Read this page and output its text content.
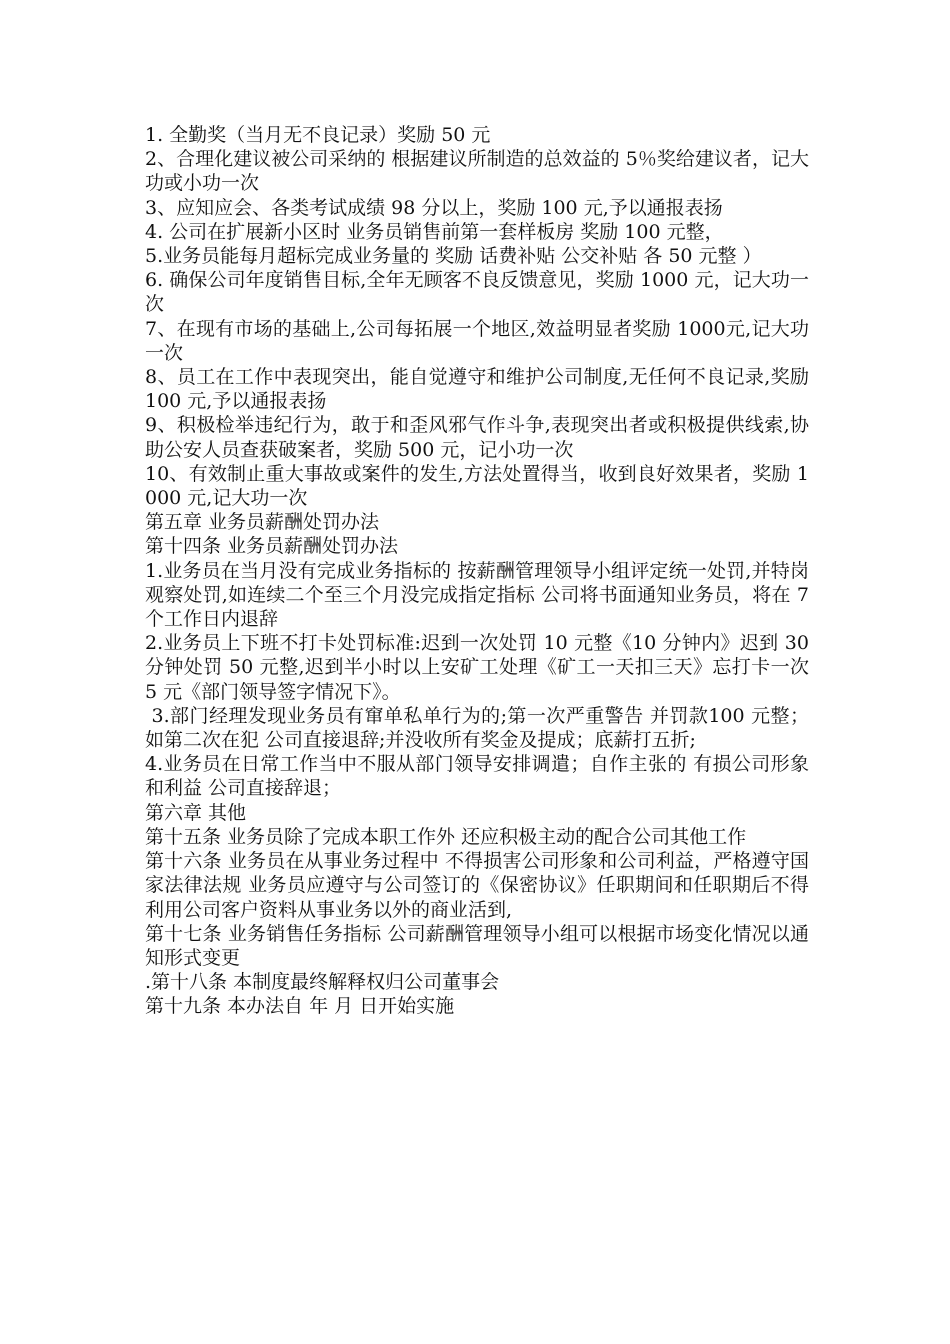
1. 全勤奖（当月无不良记录）奖励 50 元

2、合理化建议被公司采纳的 根据建议所制造的总效益的 5％奖给建议者，记大功或小功一次

3、应知应会、各类考试成绩 98 分以上，奖励 100 元,予以通报表扬

4. 公司在扩展新小区时 业务员销售前第一套样板房 奖励 100 元整，

5.业务员能每月超标完成业务量的 奖励 话费补贴 公交补贴 各 50 元整 ）

6. 确保公司年度销售目标,全年无顾客不良反馈意见，奖励 1000 元，记大功一次

7、在现有市场的基础上,公司每拓展一个地区,效益明显者奖励 1000元,记大功一次

8、员工在工作中表现突出，能自觉遵守和维护公司制度,无任何不良记录,奖励 100 元,予以通报表扬

9、积极检举违纪行为，敢于和歪风邪气作斗争,表现突出者或积极提供线索,协助公安人员查获破案者，奖励 500 元，记小功一次

10、有效制止重大事故或案件的发生,方法处置得当，收到良好效果者，奖励 1000 元,记大功一次

第五章 业务员薪酬处罚办法

第十四条 业务员薪酬处罚办法

1.业务员在当月没有完成业务指标的 按薪酬管理领导小组评定统一处罚,并特岗观察处罚,如连续二个至三个月没完成指定指标 公司将书面通知业务员，将在 7 个工作日内退辞

2.业务员上下班不打卡处罚标准:迟到一次处罚 10 元整《10 分钟内》迟到 30 分钟处罚 50 元整,迟到半小时以上安矿工处理《矿工一天扣三天》忘打卡一次 5 元《部门领导签字情况下》。

3.部门经理发现业务员有窜单私单行为的;第一次严重警告 并罚款100 元整；如第二次在犯 公司直接退辞;并没收所有奖金及提成；底薪打五折;

4.业务员在日常工作当中不服从部门领导安排调遣；自作主张的 有损公司形象和利益 公司直接辞退；

第六章 其他

第十五条 业务员除了完成本职工作外 还应积极主动的配合公司其他工作

第十六条 业务员在从事业务过程中 不得损害公司形象和公司利益，严格遵守国家法律法规 业务员应遵守与公司签订的《保密协议》任职期间和任职期后不得利用公司客户资料从事业务以外的商业活到,

第十七条 业务销售任务指标 公司薪酬管理领导小组可以根据市场变化情况以通知形式变更

.第十八条 本制度最终解释权归公司董事会

第十九条 本办法自 年 月 日开始实施
